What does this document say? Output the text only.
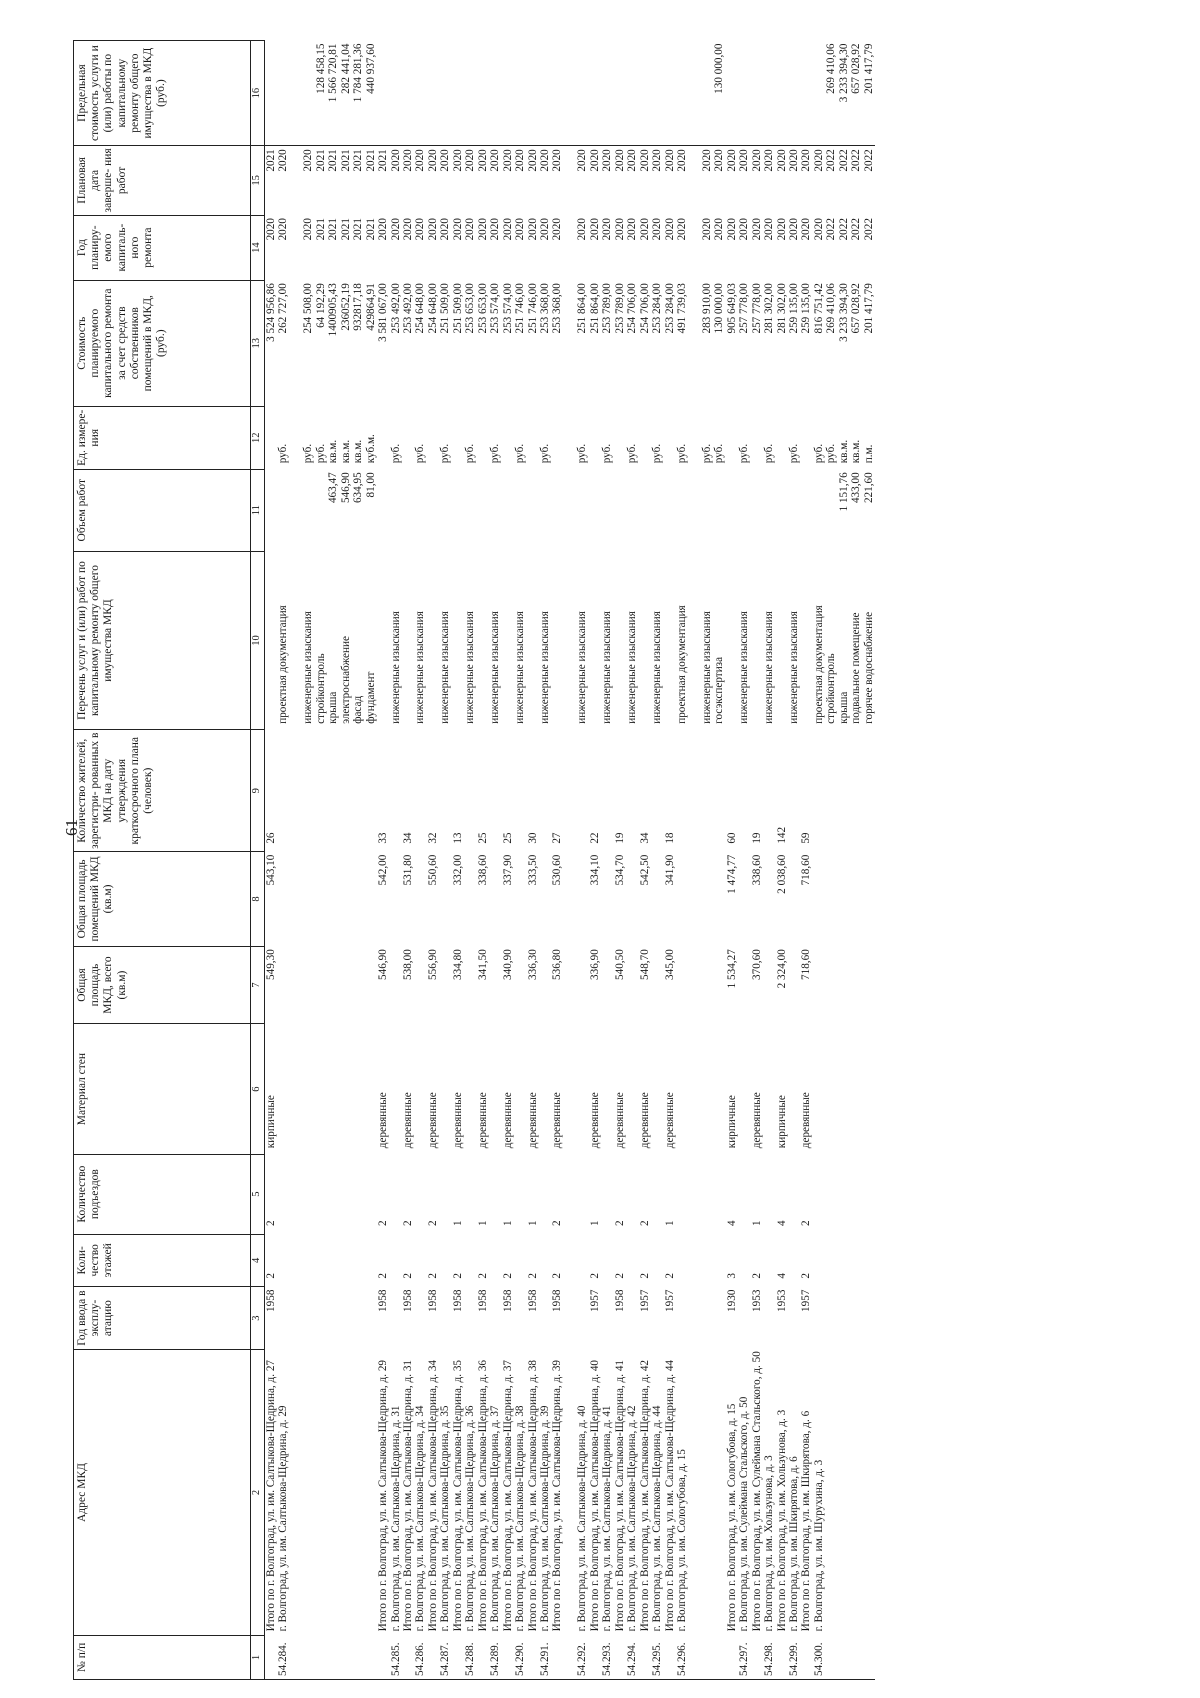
61
№ п/п	Адрес МКД	Год ввода в эксплу- атацию	Коли- чество этажей	Количество подъездов	Материал стен	Общая площадь МКД, всего (кв.м)	Общая площадь помещений МКД (кв.м)	Количество жителей, зарегистри- рованных в МКД на дату утверждения краткосрочного плана (человек)	Перечень услуг и (или) работ по капитальному ремонту общего имущества МКД	Объем работ	Ед. измере- ния	Стоимость планируемого капитального ремонта за счет средств собственников помещений в МКД, (руб.)	Год планиру- емого капиталь- ного ремонта	Плановая дата заверше- ния работ	Предельная стоимость услуги и (или) работы по капитальному ремонту общего имущества в МКД (руб.)
1	2	3	4	5	6	7	8	9	10	11	12	13	14	15	16
	Итого по г. Волгоград, ул. им. Салтыкова-Щедрина, д. 27	1958	2	2	кирпичные	549,30	543,10	26				3 524 956,86	2020	2021	
54.284.	г. Волгоград, ул. им. Салтыкова-Щедрина, д. 29								проектная документация		руб.	262 727,00	2020	2020	

									инженерные изыскания		руб.	254 508,00	2020	2020	
									стройконтроль		руб.	64 192,29	2021	2021	128 458,15
									крыша	463,47	кв.м.	1400905,43	2021	2021	1 566 720,81
									электроснабжение	546,90	кв.м.	236052,19	2021	2021	282 441,04
									фасад	634,95	кв.м.	932817,18	2021	2021	1 784 281,36
									фундамент	81,00	куб.м.	429864,91	2021	2021	440 937,60
	Итого по г. Волгоград, ул. им. Салтыкова-Щедрина, д. 29	1958	2	2	деревянные	546,90	542,00	33				3 581 067,00	2020	2021	
54.285.	г. Волгоград, ул. им. Салтыкова-Щедрина, д. 31								инженерные изыскания		руб.	253 492,00	2020	2020	
	Итого по г. Волгоград, ул. им. Салтыкова-Щедрина, д. 31	1958	2	2	деревянные	538,00	531,80	34				253 492,00	2020	2020	
54.286.	г. Волгоград, ул. им. Салтыкова-Щедрина, д. 34								инженерные изыскания		руб.	254 648,00	2020	2020	
	Итого по г. Волгоград, ул. им. Салтыкова-Щедрина, д. 34	1958	2	2	деревянные	556,90	550,60	32				254 648,00	2020	2020	
54.287.	г. Волгоград, ул. им. Салтыкова-Щедрина, д. 35								инженерные изыскания		руб.	251 509,00	2020	2020	
	Итого по г. Волгоград, ул. им. Салтыкова-Щедрина, д. 35	1958	2	1	деревянные	334,80	332,00	13				251 509,00	2020	2020	
54.288.	г. Волгоград, ул. им. Салтыкова-Щедрина, д. 36								инженерные изыскания		руб.	253 653,00	2020	2020	
	Итого по г. Волгоград, ул. им. Салтыкова-Щедрина, д. 36	1958	2	1	деревянные	341,50	338,60	25				253 653,00	2020	2020	
54.289.	г. Волгоград, ул. им. Салтыкова-Щедрина, д. 37								инженерные изыскания		руб.	253 574,00	2020	2020	
	Итого по г. Волгоград, ул. им. Салтыкова-Щедрина, д. 37	1958	2	1	деревянные	340,90	337,90	25				253 574,00	2020	2020	
54.290.	г. Волгоград, ул. им. Салтыкова-Щедрина, д. 38								инженерные изыскания		руб.	251 746,00	2020	2020	
	Итого по г. Волгоград, ул. им. Салтыкова-Щедрина, д. 38	1958	2	1	деревянные	336,30	333,50	30				251 746,00	2020	2020	
54.291.	г. Волгоград, ул. им. Салтыкова-Щедрина, д. 39								инженерные изыскания		руб.	253 368,00	2020	2020	
	Итого по г. Волгоград, ул. им. Салтыкова-Щедрина, д. 39	1958	2	2	деревянные	536,80	530,60	27				253 368,00	2020	2020	

54.292.	г. Волгоград, ул. им. Салтыкова-Щедрина, д. 40								инженерные изыскания		руб.	251 864,00	2020	2020	
	Итого по г. Волгоград, ул. им. Салтыкова-Щедрина, д. 40	1957	2	1	деревянные	336,90	334,10	22				251 864,00	2020	2020	
54.293.	г. Волгоград, ул. им. Салтыкова-Щедрина, д. 41								инженерные изыскания		руб.	253 789,00	2020	2020	
	Итого по г. Волгоград, ул. им. Салтыкова-Щедрина, д. 41	1958	2	2	деревянные	540,50	534,70	19				253 789,00	2020	2020	
54.294.	г. Волгоград, ул. им. Салтыкова-Щедрина, д. 42								инженерные изыскания		руб.	254 706,00	2020	2020	
	Итого по г. Волгоград, ул. им. Салтыкова-Щедрина, д. 42	1957	2	2	деревянные	548,70	542,50	34				254 706,00	2020	2020	
54.295.	г. Волгоград, ул. им. Салтыкова-Щедрина, д. 44								инженерные изыскания		руб.	253 284,00	2020	2020	
	Итого по г. Волгоград, ул. им. Салтыкова-Щедрина, д. 44	1957	2	1	деревянные	345,00	341,90	18				253 284,00	2020	2020	
54.296.	г. Волгоград, ул. им. Сологубова, д. 15								проектная документация		руб.	491 739,03	2020	2020	

									инженерные изыскания		руб.	283 910,00	2020	2020	
									госэкспертиза		руб.	130 000,00	2020	2020	130 000,00
	Итого по г. Волгоград, ул. им. Сологубова, д. 15	1930	3	4	кирпичные	1 534,27	1 474,77	60				905 649,03	2020	2020	
54.297.	г. Волгоград, ул. им. Сулеймана Стальского, д. 50								инженерные изыскания		руб.	257 778,00	2020	2020	
	Итого по г. Волгоград, ул. им. Сулеймана Стальского, д. 50	1953	2	1	деревянные	370,60	338,60	19				257 778,00	2020	2020	
54.298.	г. Волгоград, ул. им. Хользунова, д. 3								инженерные изыскания		руб.	281 302,00	2020	2020	
	Итого по г. Волгоград, ул. им. Хользунова, д. 3	1953	4	4	кирпичные	2 324,00	2 038,60	142				281 302,00	2020	2020	
54.299.	г. Волгоград, ул. им. Шкирятова, д. 6								инженерные изыскания		руб.	259 135,00	2020	2020	
	Итого по г. Волгоград, ул. им. Шкирятова, д. 6	1957	2	2	деревянные	718,60	718,60	59				259 135,00	2020	2020	
54.300.	г. Волгоград, ул. им. Шурухина, д. 3								проектная документация		руб.	816 751,42	2020	2020	
									стройконтроль		руб.	269 410,06	2022	2022	269 410,06
									крыша	1 151,76	кв.м.	3 233 394,30	2022	2022	3 233 394,30
									подвальное помещение	433,00	кв.м.	657 028,92	2022	2022	657 028,92
									горячее водоснабжение	221,60	п.м.	201 417,79	2022	2022	201 417,79
